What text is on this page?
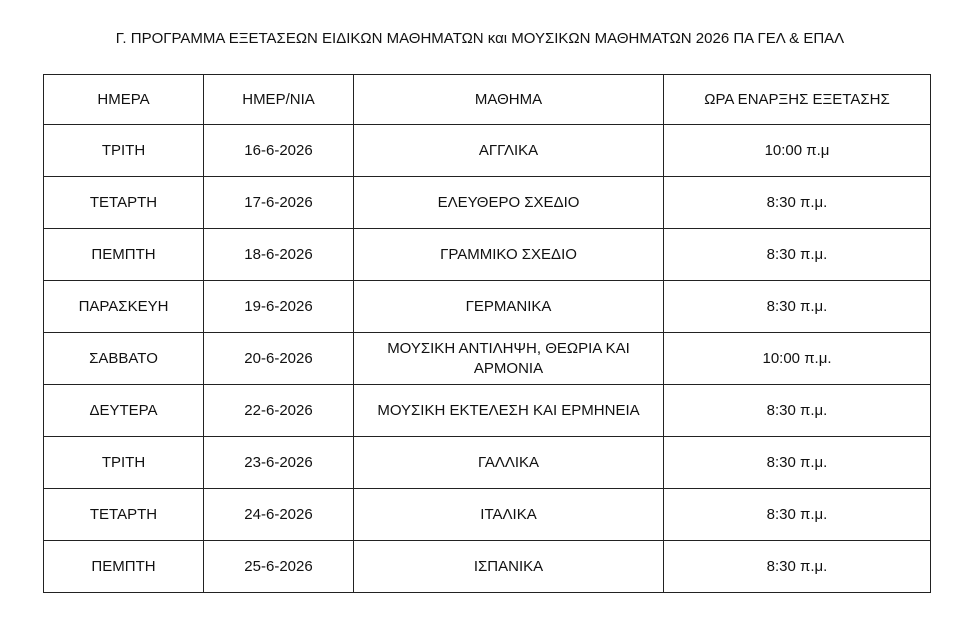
Γ. ΠΡΟΓΡΑΜΜΑ ΕΞΕΤΑΣΕΩΝ ΕΙΔΙΚΩΝ ΜΑΘΗΜΑΤΩΝ και ΜΟΥΣΙΚΩΝ ΜΑΘΗΜΑΤΩΝ 2026 ΠΑ ΓΕΛ & ΕΠΑΛ
ΗΜΕΡΑ	ΗΜΕΡ/ΝΙΑ	ΜΑΘΗΜΑ	ΩΡΑ ΕΝΑΡΞΗΣ ΕΞΕΤΑΣΗΣ
ΤΡΙΤΗ	16-6-2026	ΑΓΓΛΙΚΑ	10:00 π.μ
ΤΕΤΑΡΤΗ	17-6-2026	ΕΛΕΥΘΕΡΟ ΣΧΕΔΙΟ	8:30 π.μ.
ΠΕΜΠΤΗ	18-6-2026	ΓΡΑΜΜΙΚΟ ΣΧΕΔΙΟ	8:30 π.μ.
ΠΑΡΑΣΚΕΥΗ	19-6-2026	ΓΕΡΜΑΝΙΚΑ	8:30 π.μ.
ΣΑΒΒΑΤΟ	20-6-2026	ΜΟΥΣΙΚΗ ΑΝΤΙΛΗΨΗ, ΘΕΩΡΙΑ ΚΑΙ ΑΡΜΟΝΙΑ	10:00 π.μ.
ΔΕΥΤΕΡΑ	22-6-2026	ΜΟΥΣΙΚΗ ΕΚΤΕΛΕΣΗ ΚΑΙ ΕΡΜΗΝΕΙΑ	8:30 π.μ.
ΤΡΙΤΗ	23-6-2026	ΓΑΛΛΙΚΑ	8:30 π.μ.
ΤΕΤΑΡΤΗ	24-6-2026	ΙΤΑΛΙΚΑ	8:30 π.μ.
ΠΕΜΠΤΗ	25-6-2026	ΙΣΠΑΝΙΚΑ	8:30 π.μ.
